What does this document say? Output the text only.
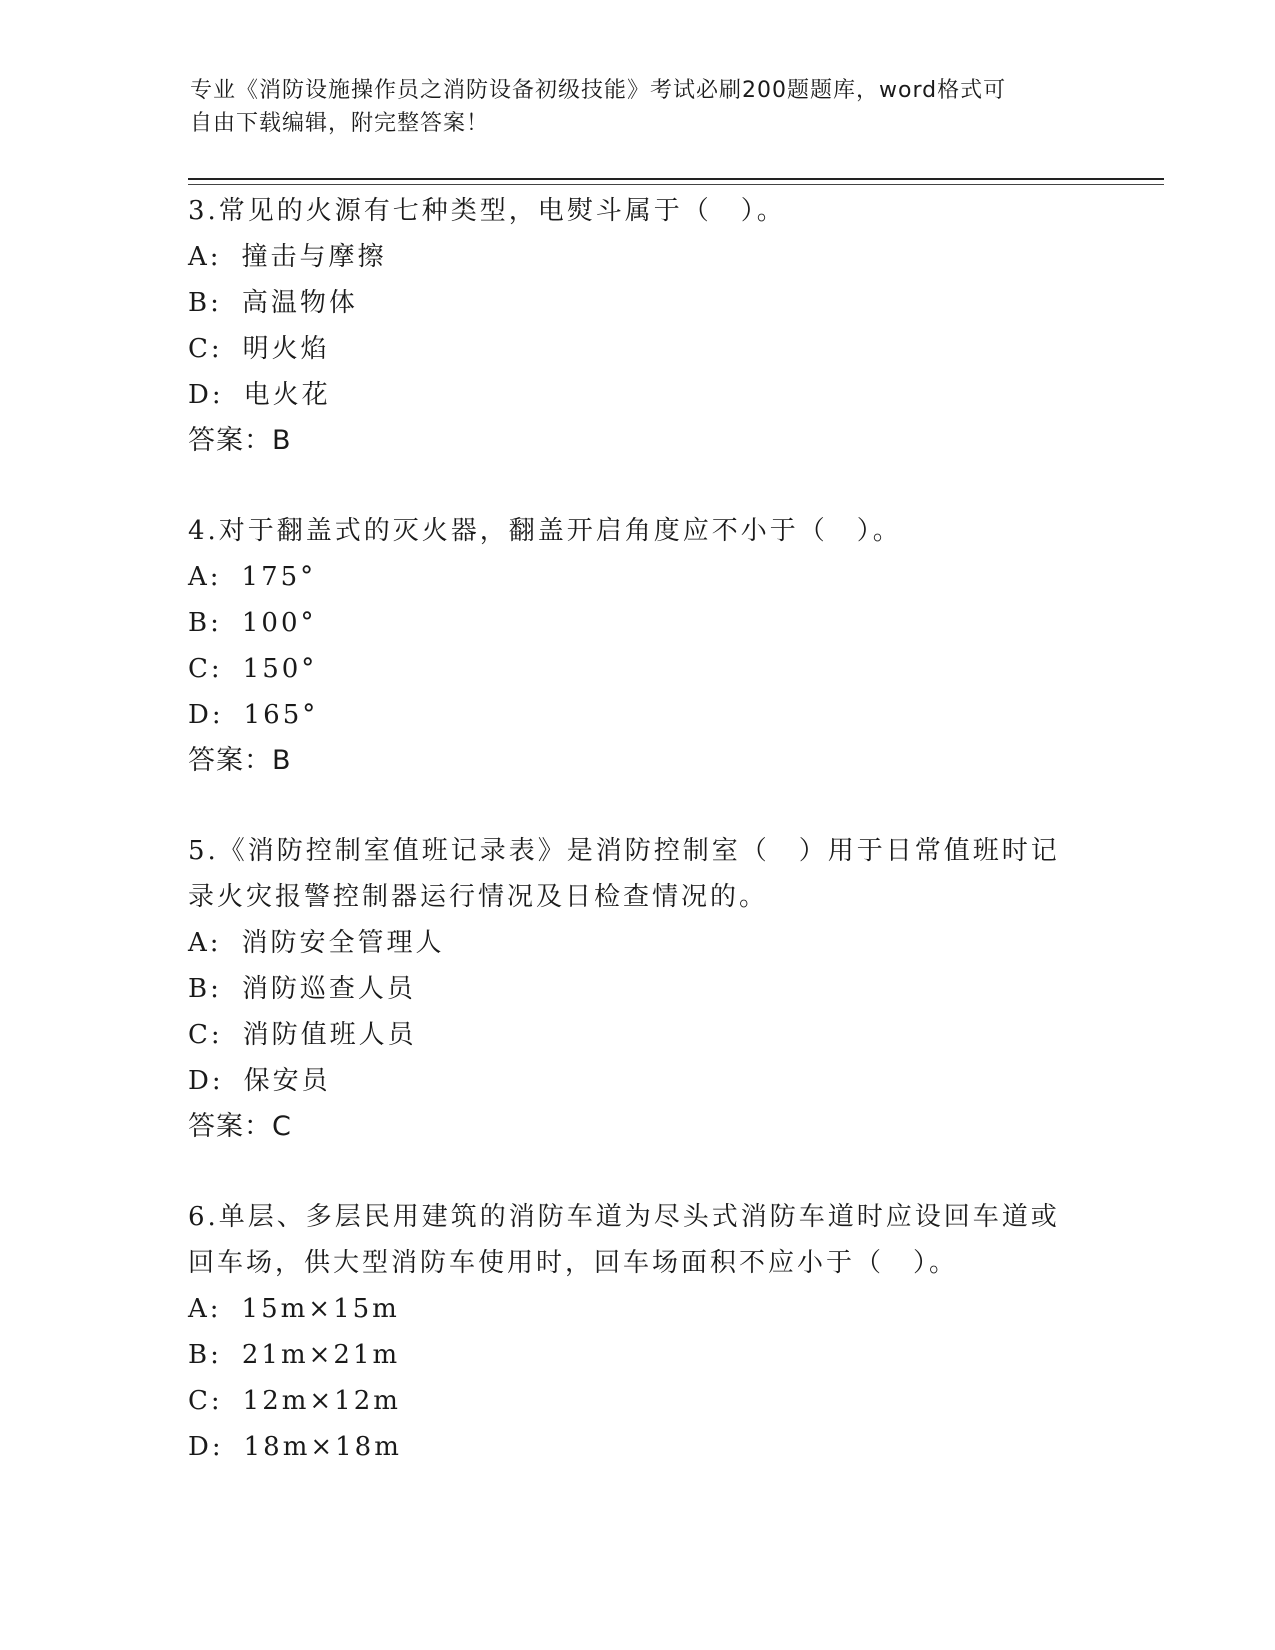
专业《消防设施操作员之消防设备初级技能》考试必刷200题题库，word格式可
自由下载编辑，附完整答案！

3.常见的火源有七种类型，电熨斗属于（　）。

A: 撞击与摩擦

B: 高温物体

C: 明火焰

D: 电火花

答案：B

4.对于翻盖式的灭火器，翻盖开启角度应不小于（　）。

A: 175°

B: 100°

C: 150°

D: 165°

答案：B

5.《消防控制室值班记录表》是消防控制室（　）用于日常值班时记录火灾报警控制器运行情况及日检查情况的。

A: 消防安全管理人

B: 消防巡查人员

C: 消防值班人员

D: 保安员

答案：C

6.单层、多层民用建筑的消防车道为尽头式消防车道时应设回车道或回车场，供大型消防车使用时，回车场面积不应小于（　）。

A: 15m×15m

B: 21m×21m

C: 12m×12m

D: 18m×18m
